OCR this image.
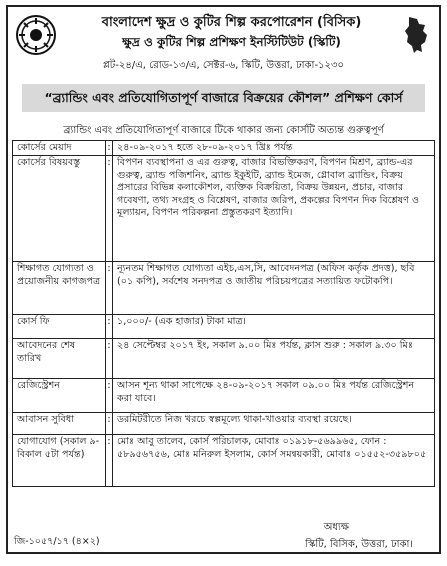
বাংলাদেশ ক্ষুদ্র ও কুটির শিল্প করপোরেশন (বিসিক)
ক্ষুদ্র ও কুটির শিল্প প্রশিক্ষণ ইনস্টিটিউট (স্কিটি)
প্লট-২৪/এ, রোড-১৩/এ, সেক্টর-৬, স্কিটি, উত্তরা, ঢাকা-১২৩০
“ব্র্যান্ডিং এবং প্রতিযোগিতাপূর্ণ বাজারে বিক্রয়ের কৌশল” প্রশিক্ষণ কোর্স
ব্র্যান্ডিং এবং প্রতিযোগিতাপূর্ণ বাজারে টিকে থাকার জন্য কোর্সটি অত্যন্ত গুরুত্বপূর্ণ
কোর্সের মেয়াদ	:	২৪-০৯-২০১৭ হতে ২৮-০৯-২০১৭ খ্রিঃ পর্যন্ত
কোর্সের বিষয়বস্তু	:	বিপণন ব্যবস্থাপনা ও এর গুরুত্ব, বাজার বিভক্তিকরণ, বিপণন মিশ্রণ, ব্র্যান্ড-এর গুরুত্ব, ব্র্যান্ড পজিশনিং, ব্র্যান্ড ইকুইটি, ব্র্যান্ড ইমেজ, গ্লোবাল ব্র্যান্ডিং, বিক্রয় প্রসারের বিভিন্ন কলাকৌশল, ব্যক্তিক বিক্রয়িতা, বিক্রয় উন্নয়ন, প্রচার, বাজার গবেষণা, তথ্য সংগ্রহ ও বিশ্লেষণ, বাজার জরিপ, প্রকল্পের বিপণন দিক বিশ্লেষণ ও মূল্যায়ন, বিপণন পরিকল্পনা প্রস্তুতকরণ ইত্যাদি।
শিক্ষাগত যোগ্যতা ও প্রয়োজনীয় কাগজপত্র	:	ন্যূনতম শিক্ষাগত যোগ্যতা এইচ,এস,সি, আবেদনপত্র (অফিস কর্তৃক প্রদত্ত), ছবি (০১ কপি), সর্বশেষ সনদপত্র ও জাতীয় পরিচয়পত্রের সত্যায়িত ফটোকপি।
কোর্স ফি	:	১,০০০/- (এক হাজার) টাকা মাত্র।
আবেদনের শেষ তারিখ	:	২৪ সেপ্টেম্বর ২০১৭ ইং, সকাল ৯.০০ মিঃ পর্যন্ত, ক্লাস শুরু : সকাল ৯.৩০ মিঃ
রেজিস্ট্রেশন	:	আসন শূন্য থাকা সাপেক্ষে ২৪-০৯-২০১৭ সকাল ০৯.০০ মিঃ পর্যন্ত রেজিস্ট্রেশন করা যাবে।
আবাসন সুবিধা	:	ডরমিটরীতে নিজ খরচে স্বল্পমূল্যে থাকা-খাওয়ার ব্যবস্থা রয়েছে।
যোগাযোগ (সকাল ৯-বিকাল ৫টা পর্যন্ত)	:	মোঃ আবু তালেব, কোর্স পরিচালক, মোবাঃ ০১৯১৮-৫৬৯৯৬৫, ফোন : ৫৮৯৫৬৭৫৬, মোঃ মনিরুল ইসলাম, কোর্স সমন্বয়কারী, মোবাঃ ০১৫৫২-৩৫৯৮০৫
জি-১০৫৭/১৭ (৪×২)
অধ্যক্ষ
স্কিটি, বিসিক, উত্তরা, ঢাকা।
